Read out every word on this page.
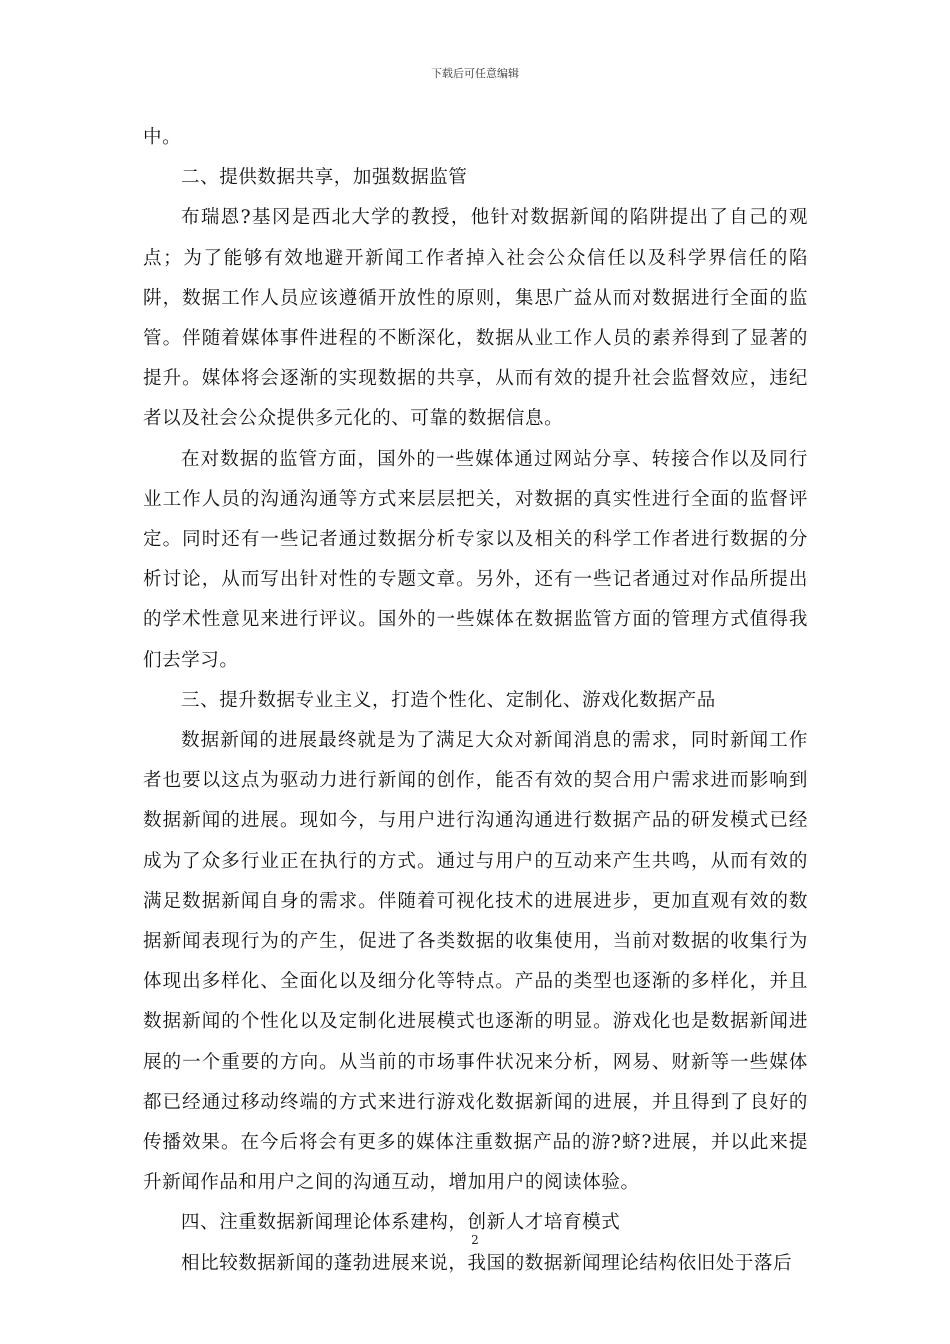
下载后可任意编辑

中。

二、提供数据共享，加强数据监管

布瑞恩?基冈是西北大学的教授，他针对数据新闻的陷阱提出了自己的观点；为了能够有效地避开新闻工作者掉入社会公众信任以及科学界信任的陷阱，数据工作人员应该遵循开放性的原则，集思广益从而对数据进行全面的监管。伴随着媒体事件进程的不断深化，数据从业工作人员的素养得到了显著的提升。媒体将会逐渐的实现数据的共享，从而有效的提升社会监督效应，违纪者以及社会公众提供多元化的、可靠的数据信息。

在对数据的监管方面，国外的一些媒体通过网站分享、转接合作以及同行业工作人员的沟通沟通等方式来层层把关，对数据的真实性进行全面的监督评定。同时还有一些记者通过数据分析专家以及相关的科学工作者进行数据的分析讨论，从而写出针对性的专题文章。另外，还有一些记者通过对作品所提出的学术性意见来进行评议。国外的一些媒体在数据监管方面的管理方式值得我们去学习。

三、提升数据专业主义，打造个性化、定制化、游戏化数据产品

数据新闻的进展最终就是为了满足大众对新闻消息的需求，同时新闻工作者也要以这点为驱动力进行新闻的创作，能否有效的契合用户需求进而影响到数据新闻的进展。现如今，与用户进行沟通沟通进行数据产品的研发模式已经成为了众多行业正在执行的方式。通过与用户的互动来产生共鸣，从而有效的满足数据新闻自身的需求。伴随着可视化技术的进展进步，更加直观有效的数据新闻表现行为的产生，促进了各类数据的收集使用，当前对数据的收集行为体现出多样化、全面化以及细分化等特点。产品的类型也逐渐的多样化，并且数据新闻的个性化以及定制化进展模式也逐渐的明显。游戏化也是数据新闻进展的一个重要的方向。从当前的市场事件状况来分析，网易、财新等一些媒体都已经通过移动终端的方式来进行游戏化数据新闻的进展，并且得到了良好的传播效果。在今后将会有更多的媒体注重数据产品的游?蛴?进展，并以此来提升新闻作品和用户之间的沟通互动，增加用户的阅读体验。

四、注重数据新闻理论体系建构，创新人才培育模式

相比较数据新闻的蓬勃进展来说，我国的数据新闻理论结构依旧处于落后

2
